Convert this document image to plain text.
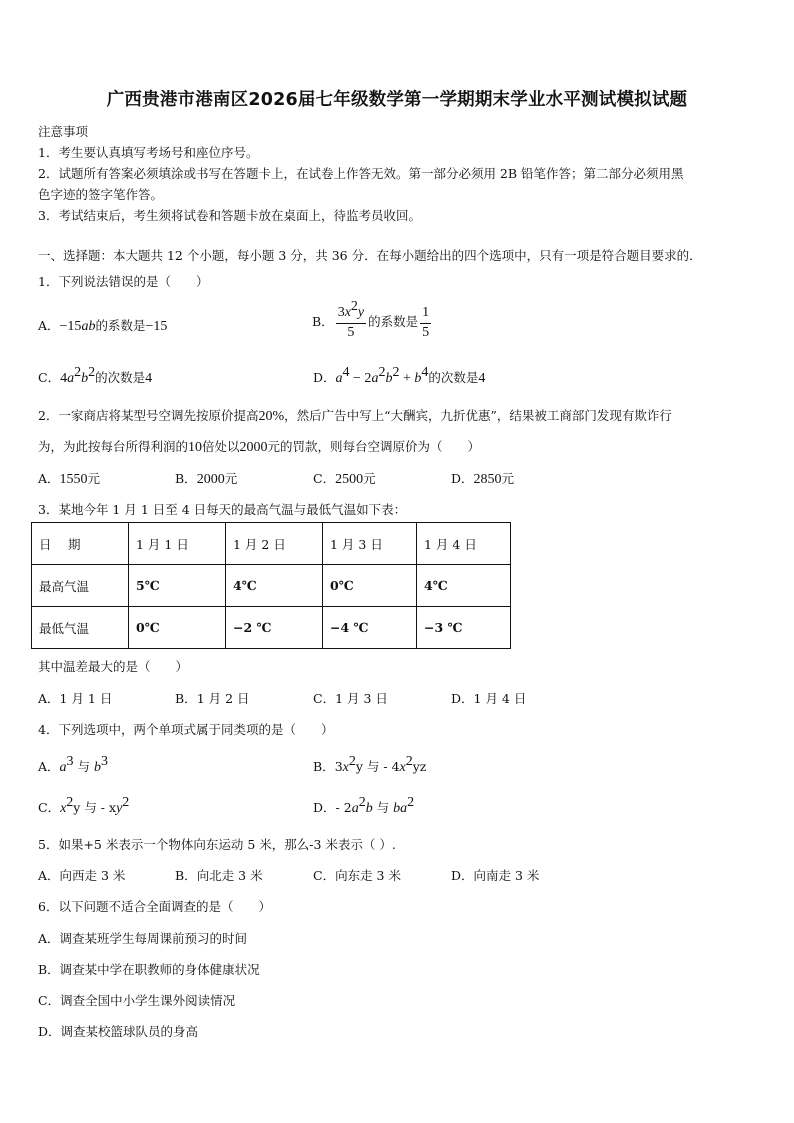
广西贵港市港南区2026届七年级数学第一学期期末学业水平测试模拟试题
注意事项
1．考生要认真填写考场号和座位序号。
2．试题所有答案必须填涂或书写在答题卡上，在试卷上作答无效。第一部分必须用 2B 铅笔作答；第二部分必须用黑
色字迹的签字笔作答。
3．考试结束后，考生须将试卷和答题卡放在桌面上，待监考员收回。
一、选择题：本大题共 12 个小题，每小题 3 分，共 36 分．在每小题给出的四个选项中，只有一项是符合题目要求的．
1．下列说法错误的是（　　）
A．−15ab的系数是−15	B． $\frac{3x^2y}{5}$ 的系数是 $\frac{1}{5}$
C．$4a^2b^2$的次数是4	D．$a^4 - 2a^2b^2 + b^4$的次数是4
2．一家商店将某型号空调先按原价提高20%，然后广告中写上“大酬宾，九折优惠”，结果被工商部门发现有欺诈行
为，为此按每台所得利润的10倍处以2000元的罚款，则每台空调原价为（　　）
A．1550元	B．2000元	C．2500元	D．2850元
3．某地今年 1 月 1 日至 4 日每天的最高气温与最低气温如下表：
日　 期	1 月 1 日	1 月 2 日	1 月 3 日	1 月 4 日
最高气温	5℃	4℃	0℃	4℃
最低气温	0℃	−2 ℃	−4 ℃	−3 ℃
其中温差最大的是（　　）
A．1 月 1 日	B．1 月 2 日	C．1 月 3 日	D．1 月 4 日
4．下列选项中，两个单项式属于同类项的是（　　）
A．$a^3$ 与 $b^3$	B．$3x^2y$ 与 - $4x^2yz$
C．$x^2y$ 与 - $xy^2$	D．- $2a^2b$ 与 $ba^2$
5．如果+5 米表示一个物体向东运动 5 米，那么-3 米表示（ ）.
A．向西走 3 米	B．向北走 3 米	C．向东走 3 米	D．向南走 3 米
6．以下问题不适合全面调查的是（　　）
A．调查某班学生每周课前预习的时间
B．调查某中学在职教师的身体健康状况
C．调查全国中小学生课外阅读情况
D．调查某校篮球队员的身高
